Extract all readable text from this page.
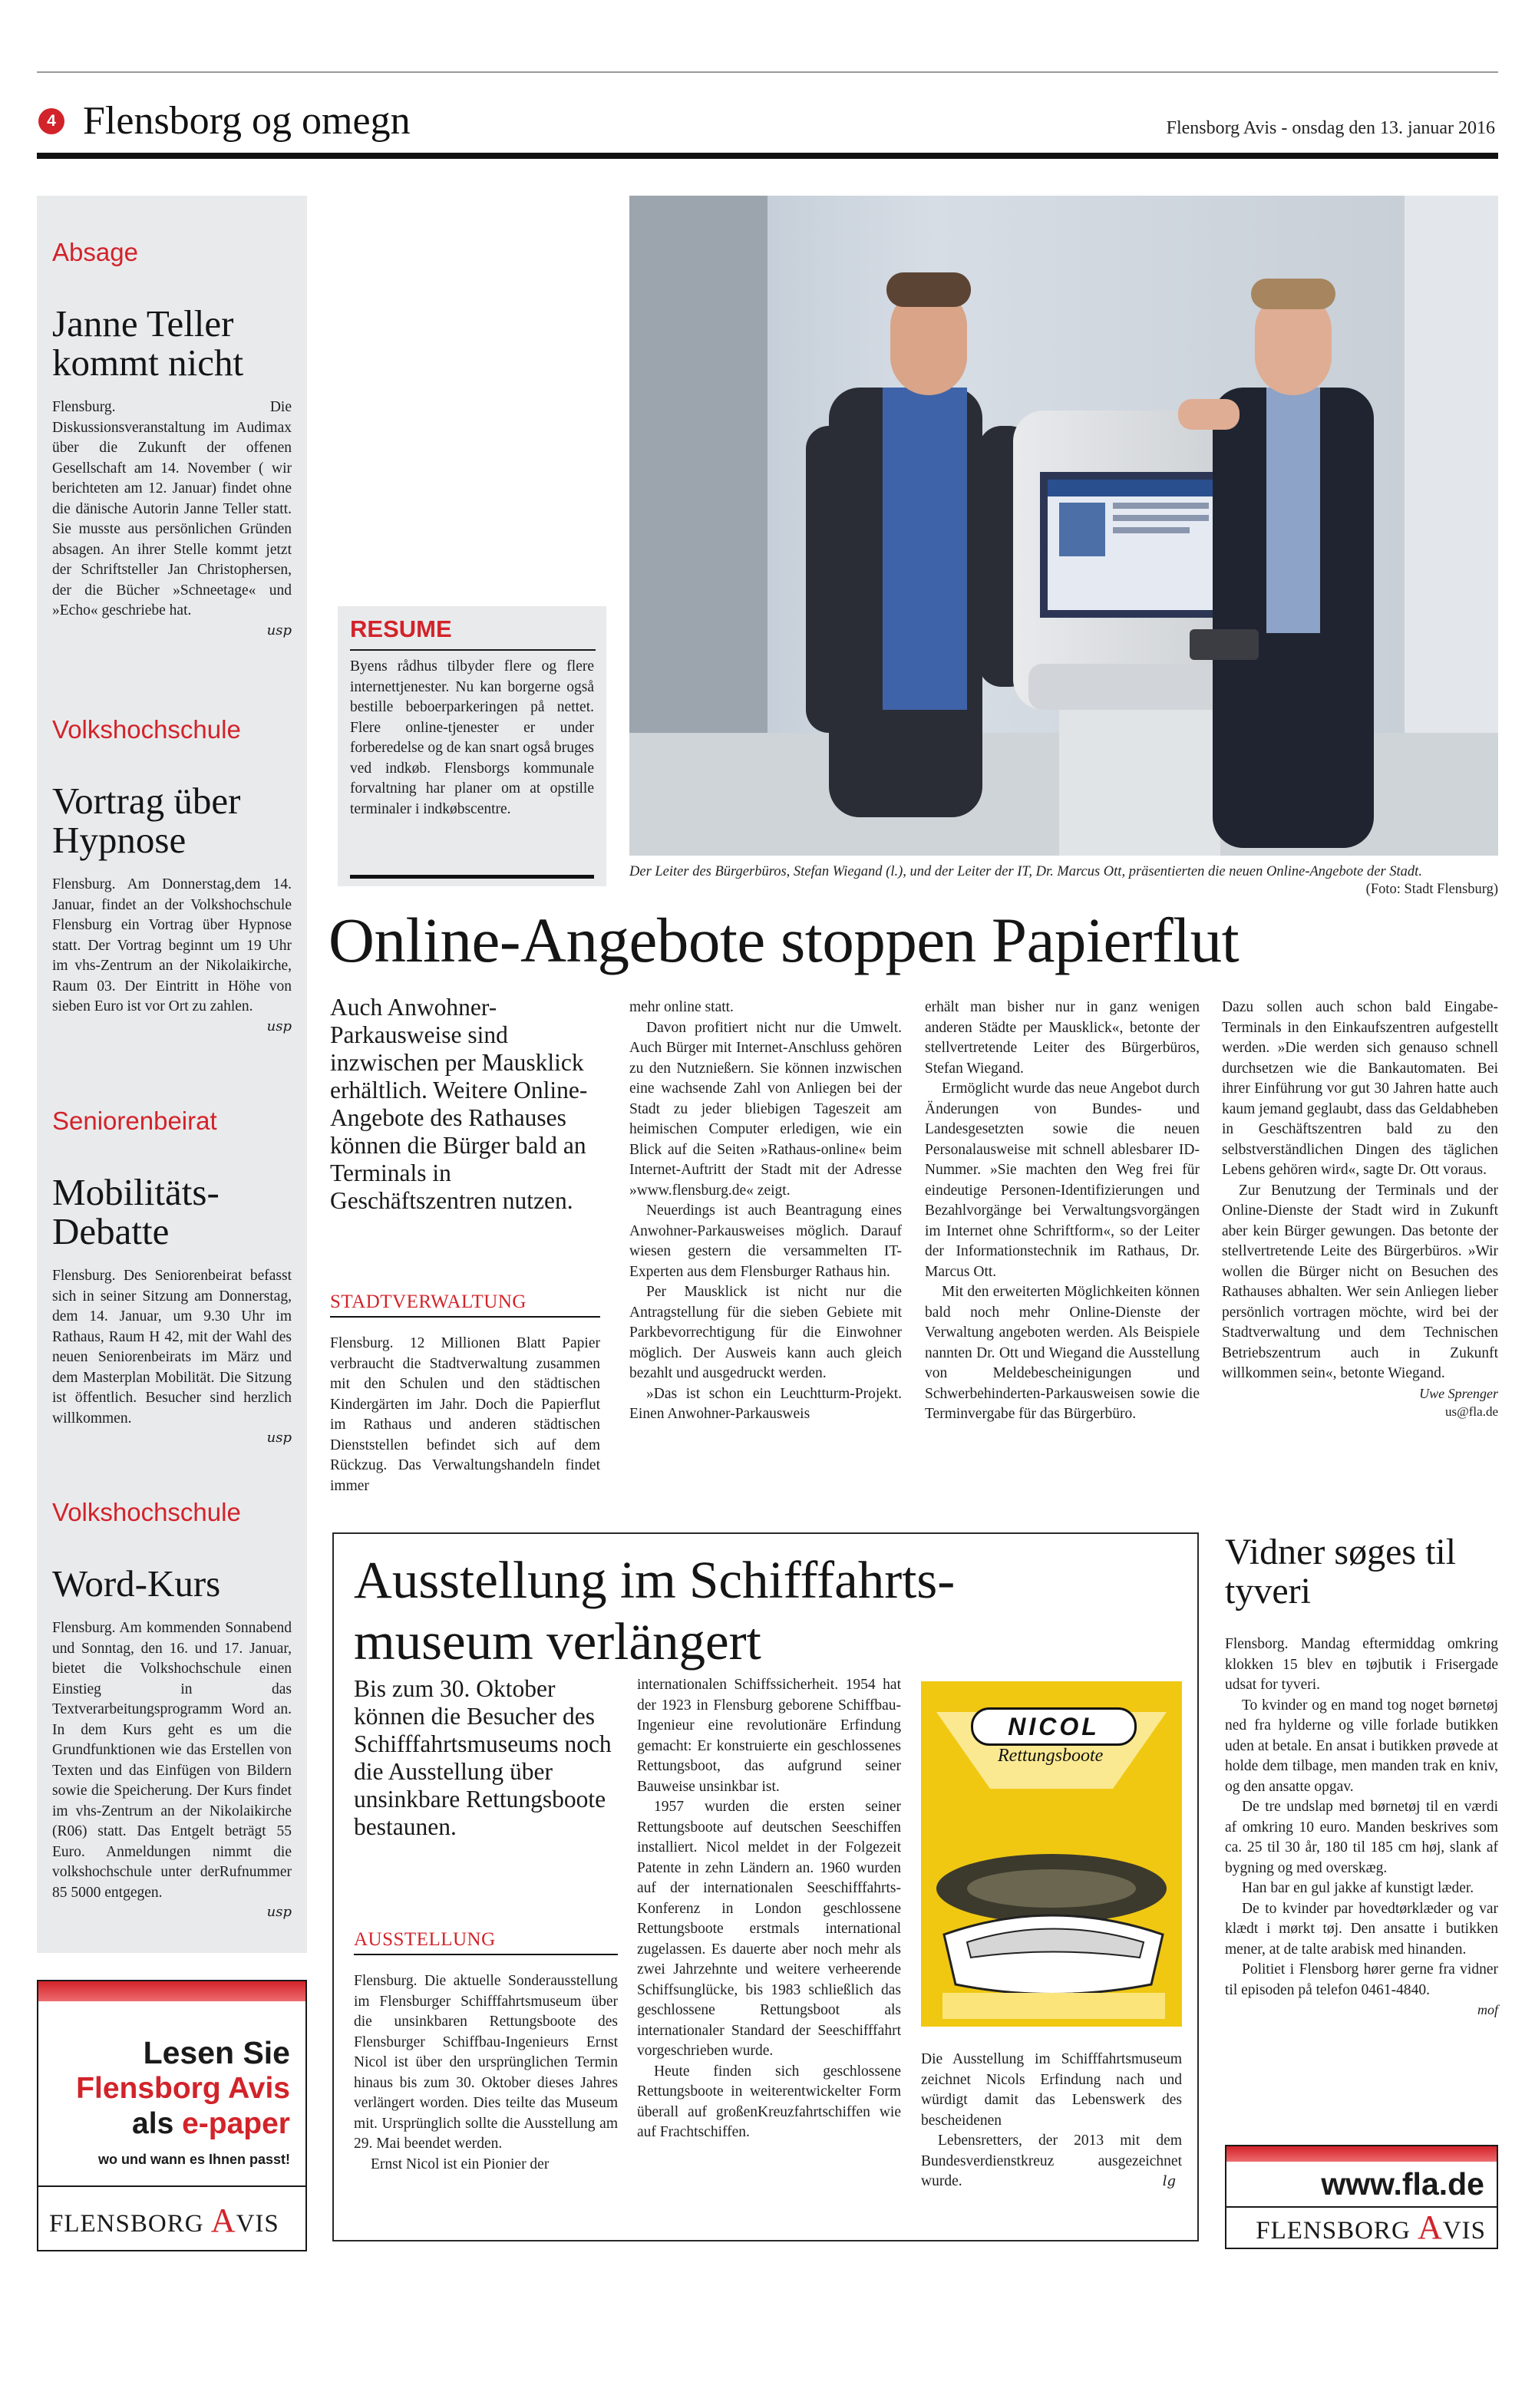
4 Flensborg og omegn	Flensborg Avis - onsdag den 13. januar 2016
Absage
Janne Teller kommt nicht

Flensburg. Die Diskussionsveranstaltung im Audimax über die Zukunft der offenen Gesellschaft am 14. November ( wir berichteten am 12. Januar) findet ohne die dänische Autorin Janne Teller statt. Sie musste aus persönlichen Gründen absagen. An ihrer Stelle kommt jetzt der Schriftsteller Jan Christophersen, der die Bücher »Schneetage« und »Echo« geschriebe hat.

usp

Volkshochschule
Vortrag über Hypnose

Flensburg. Am Donnerstag,dem 14. Januar, findet an der Volkshochschule Flensburg ein Vortrag über Hypnose statt. Der Vortrag beginnt um 19 Uhr im vhs-Zentrum an der Nikolaikirche, Raum 03. Der Eintritt in Höhe von sieben Euro ist vor Ort zu zahlen.

usp

Seniorenbeirat
Mobilitäts-Debatte

Flensburg. Des Seniorenbeirat befasst sich in seiner Sitzung am Donnerstag, dem 14. Januar, um 9.30 Uhr im Rathaus, Raum H 42, mit der Wahl des neuen Seniorenbeirats im März und dem Masterplan Mobilität. Die Sitzung ist öffentlich. Besucher sind herzlich willkommen.

usp

Volkshochschule
Word-Kurs

Flensburg. Am kommenden Sonnabend und Sonntag, den 16. und 17. Januar, bietet die Volkshochschule einen Einstieg in das Textverarbeitungsprogramm Word an. In dem Kurs geht es um die Grundfunktionen wie das Erstellen von Texten und das Einfügen von Bildern sowie die Speicherung. Der Kurs findet im vhs-Zentrum an der Nikolaikirche (R06) statt. Das Entgelt beträgt 55 Euro. Anmeldungen nimmt die volkshochschule unter derRufnummer 85 5000 entgegen.

usp

Lesen Sie
Flensborg Avis
als e-paper
wo und wann es Ihnen passt!
FLENSBORG AVIS
RESUME

Byens rådhus tilbyder flere og flere internettjenester. Nu kan borgerne også bestille beboerparkeringen på nettet. Flere online-tjenester er under forberedelse og de kan snart også bruges ved indkøb. Flensborgs kommunale forvaltning har planer om at opstille terminaler i indkøbscentre.

Der Leiter des Bürgerbüros, Stefan Wiegand (l.), und der Leiter der IT, Dr. Marcus Ott, präsentierten die neuen Online-Angebote der Stadt.
(Foto: Stadt Flensburg)
Online-Angebote stoppen Papierflut
Auch Anwohner-Parkausweise sind inzwischen per Mausklick erhältlich. Weitere Online-Angebote des Rathauses können die Bürger bald an Terminals in Geschäftszentren nutzen.
STADTVERWALTUNG

Flensburg. 12 Millionen Blatt Papier verbraucht die Stadtverwaltung zusammen mit den Schulen und den städtischen Kindergärten im Jahr. Doch die Papierflut im Rathaus und anderen städtischen Dienststellen befindet sich auf dem Rückzug. Das Verwaltungshandeln findet immer

mehr online statt.

Davon profitiert nicht nur die Umwelt. Auch Bürger mit Internet-Anschluss gehören zu den Nutznießern. Sie können inzwischen eine wachsende Zahl von Anliegen bei der Stadt zu jeder bliebigen Tageszeit am heimischen Computer erledigen, wie ein Blick auf die Seiten »Rathaus-online« beim Internet-Auftritt der Stadt mit der Adresse »www.flensburg.de« zeigt.

Neuerdings ist auch Beantragung eines Anwohner-Parkausweises möglich. Darauf wiesen gestern die versammelten IT-Experten aus dem Flensburger Rathaus hin.

Per Mausklick ist nicht nur die Antragstellung für die sieben Gebiete mit Parkbevorrechtigung für die Einwohner möglich. Der Ausweis kann auch gleich bezahlt und ausgedruckt werden.

»Das ist schon ein Leuchtturm-Projekt. Einen Anwohner-Parkausweis

erhält man bisher nur in ganz wenigen anderen Städte per Mausklick«, betonte der stellvertretende Leiter des Bürgerbüros, Stefan Wiegand.

Ermöglicht wurde das neue Angebot durch Änderungen von Bundes- und Landesgesetzten sowie die neuen Personalausweise mit schnell ablesbarer ID-Nummer. »Sie machten den Weg frei für eindeutige Personen-Identifizierungen und Bezahlvorgänge bei Verwaltungsvorgängen im Internet ohne Schriftform«, so der Leiter der Informationstechnik im Rathaus, Dr. Marcus Ott.

Mit den erweiterten Möglichkeiten können bald noch mehr Online-Dienste der Verwaltung angeboten werden. Als Beispiele nannten Dr. Ott und Wiegand die Ausstellung von Meldebescheinigungen und Schwerbehinderten-Parkausweisen sowie die Terminvergabe für das Bürgerbüro.

Dazu sollen auch schon bald Eingabe-Terminals in den Einkaufszentren aufgestellt werden. »Die werden sich genauso schnell durchsetzen wie die Bankautomaten. Bei ihrer Einführung vor gut 30 Jahren hatte auch kaum jemand geglaubt, dass das Geldabheben in Geschäftszentren bald zu den selbstverständlichen Dingen des täglichen Lebens gehören wird«, sagte Dr. Ott voraus.

Zur Benutzung der Terminals und der Online-Dienste der Stadt wird in Zukunft aber kein Bürger gewungen. Das betonte der stellvertretende Leite des Bürgerbüros. »Wir wollen die Bürger nicht on Besuchen des Rathauses abhalten. Wer sein Anliegen lieber persönlich vortragen möchte, wird bei der Stadtverwaltung und dem Technischen Betriebszentrum auch in Zukunft willkommen sein«, betonte Wiegand.

Uwe Sprenger

us@fla.de

Ausstellung im Schifffahrts-museum verlängert
Bis zum 30. Oktober können die Besucher des Schifffahrtsmuseums noch die Ausstellung über unsinkbare Rettungsboote bestaunen.
AUSSTELLUNG

Flensburg. Die aktuelle Sonderausstellung im Flensburger Schifffahrtsmuseum über die unsinkbaren Rettungsboote des Flensburger Schiffbau-Ingenieurs Ernst Nicol ist über den ursprünglichen Termin hinaus bis zum 30. Oktober dieses Jahres verlängert worden. Dies teilte das Museum mit. Ursprünglich sollte die Ausstellung am 29. Mai beendet werden.

Ernst Nicol ist ein Pionier der

internationalen Schiffssicherheit. 1954 hat der 1923 in Flensburg geborene Schiffbau-Ingenieur eine revolutionäre Erfindung gemacht: Er konstruierte ein geschlossenes Rettungsboot, das aufgrund seiner Bauweise unsinkbar ist.

1957 wurden die ersten seiner Rettungsboote auf deutschen Seeschiffen installiert. Nicol meldet in der Folgezeit Patente in zehn Ländern an. 1960 wurden auf der internationalen Seeschifffahrts-Konferenz in London geschlossene Rettungsboote erstmals international zugelassen. Es dauerte aber noch mehr als zwei Jahrzehnte und weitere verheerende Schiffsunglücke, bis 1983 schließlich das geschlossene Rettungsboot als internationaler Standard der Seeschifffahrt vorgeschrieben wurde.

Heute finden sich geschlossene Rettungsboote in weiterentwickelter Form überall auf großenKreuzfahrtschiffen wie auf Frachtschiffen.

NICOL
Rettungsboote

Die Ausstellung im Schifffahrtsmuseum zeichnet Nicols Erfindung nach und würdigt damit das Lebenswerk des bescheidenen

Lebensretters, der 2013 mit dem Bundesverdienstkreuz ausgezeichnet wurde.	lg
Vidner søges til tyveri

Flensborg. Mandag eftermiddag omkring klokken 15 blev en tøjbutik i Frisergade udsat for tyveri.

To kvinder og en mand tog noget børnetøj ned fra hylderne og ville forlade butikken uden at betale. En ansat i butikken prøvede at holde dem tilbage, men manden trak en kniv, og den ansatte opgav.

De tre undslap med børnetøj til en værdi af omkring 10 euro. Manden beskrives som ca. 25 til 30 år, 180 til 185 cm høj, slank af bygning og med overskæg.

Han bar en gul jakke af kunstigt læder.

De to kvinder par hovedtørklæder og var klædt i mørkt tøj. Den ansatte i butikken mener, at de talte arabisk med hinanden.

Politiet i Flensborg hører gerne fra vidner til episoden på telefon 0461-4840.

mof

www.fla.de
FLENSBORG AVIS
